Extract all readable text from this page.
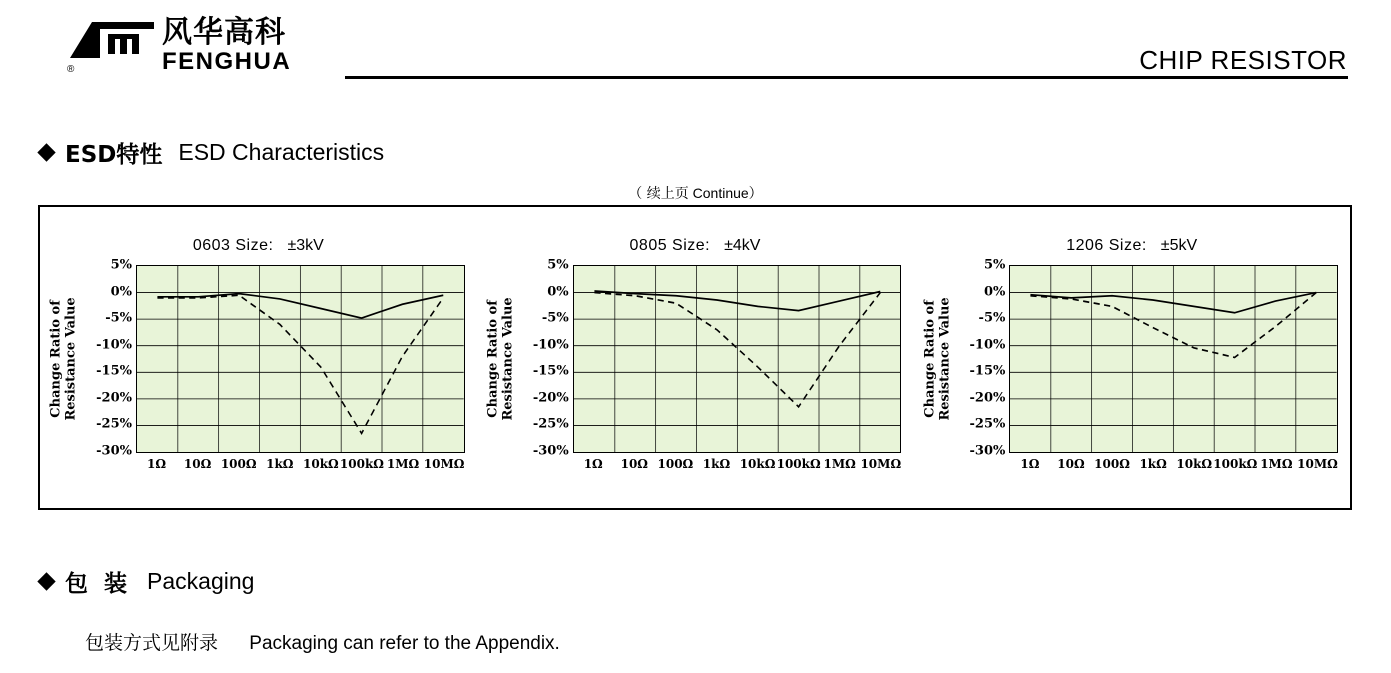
®
风华高科
FENGHUA	CHIP RESISTOR
ESD特性 ESD Characteristics
（ 续上页 Continue）
0603 Size: ±3kV
Change Ratio of
Resistance Value
5%
0%
-5%
-10%
-15%
-20%
-25%
-30%
1Ω 10Ω 100Ω 1kΩ 10kΩ 100kΩ 1MΩ 10MΩ
0805 Size: ±4kV
Change Ratio of
Resistance Value
5%
0%
-5%
-10%
-15%
-20%
-25%
-30%
1Ω 10Ω 100Ω 1kΩ 10kΩ 100kΩ 1MΩ 10MΩ
1206 Size: ±5kV
Change Ratio of
Resistance Value
5%
0%
-5%
-10%
-15%
-20%
-25%
-30%
1Ω 10Ω 100Ω 1kΩ 10kΩ 100kΩ 1MΩ 10MΩ
包 装 Packaging
包装方式见附录 Packaging can refer to the Appendix.
